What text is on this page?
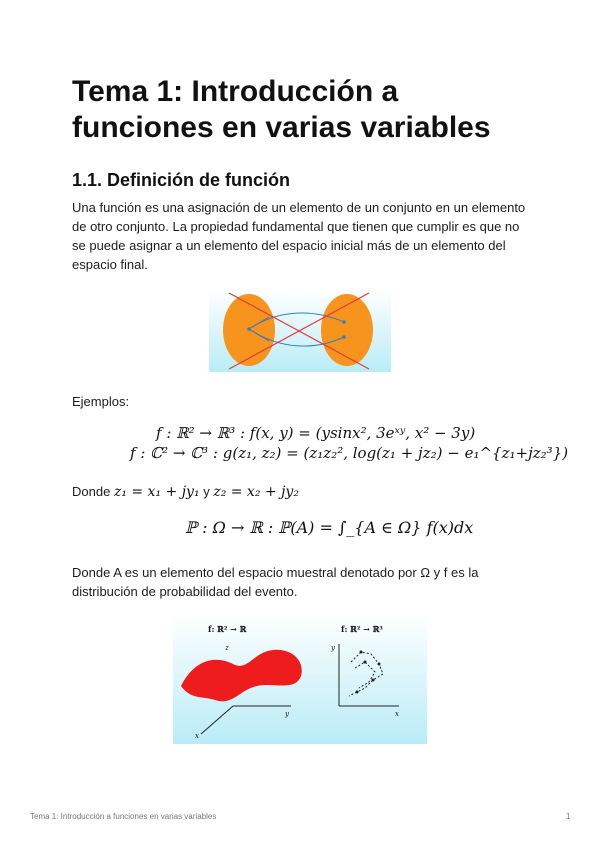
Tema 1: Introducción a funciones en varias variables
1.1. Definición de función

Una función es una asignación de un elemento de un conjunto en un elemento de otro conjunto. La propiedad fundamental que tienen que cumplir es que no se puede asignar a un elemento del espacio inicial más de un elemento del espacio final.

Ejemplos:

f : ℝ² → ℝ³ : f(x, y) = (ysinx², 3eˣʸ, x² − 3y)
f : ℂ² → ℂ³ : g(z₁, z₂) = (z₁z₂², log(z₁ + jz₂) − e₁^{z₁+jz₂³})
Donde z₁ = x₁ + jy₁ y z₂ = x₂ + jy₂
ℙ : Ω → ℝ : ℙ(A) = ∫_{A ∈ Ω} f(x)dx

Donde A es un elemento del espacio muestral denotado por Ω y f es la distribución de probabilidad del evento.

f: ℝ² → ℝ
z
y
x
f: ℝ² → ℝ³
y
x
Tema 1: Introducción a funciones en varias variables	1
